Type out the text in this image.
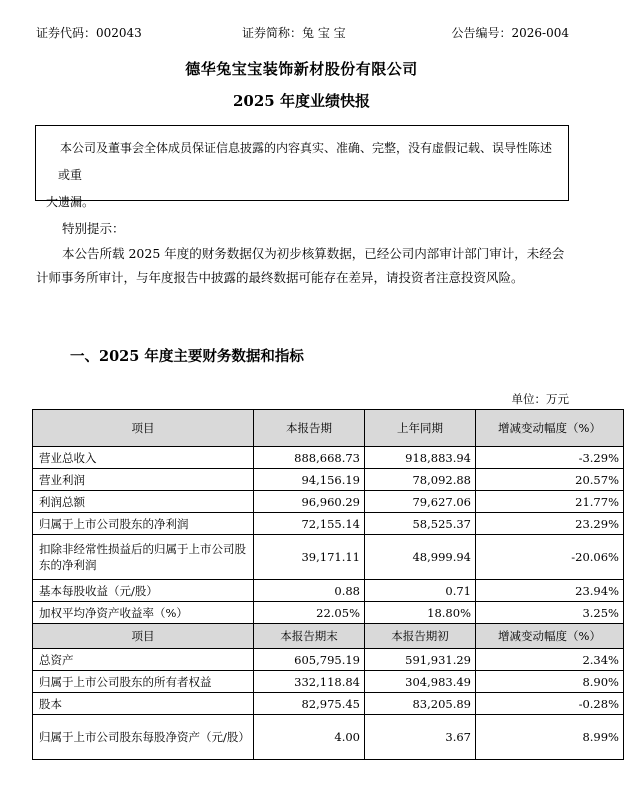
证券代码：002043	证券简称：兔 宝 宝	公告编号：2026-004
德华兔宝宝装饰新材股份有限公司
2025 年度业绩快报
本公司及董事会全体成员保证信息披露的内容真实、准确、完整，没有虚假记载、误导性陈述或重
大遗漏。
特别提示：
本公告所载 2025 年度的财务数据仅为初步核算数据，已经公司内部审计部门审计，未经会计师事务所审计，与年度报告中披露的最终数据可能存在差异，请投资者注意投资风险。
一、2025 年度主要财务数据和指标
单位：万元
项目	本报告期	上年同期	增减变动幅度（%）
营业总收入	888,668.73	918,883.94	-3.29%
营业利润	94,156.19	78,092.88	20.57%
利润总额	96,960.29	79,627.06	21.77%
归属于上市公司股东的净利润	72,155.14	58,525.37	23.29%
扣除非经常性损益后的归属于上市公司股东的净利润	39,171.11	48,999.94	-20.06%
基本每股收益（元/股）	0.88	0.71	23.94%
加权平均净资产收益率（%）	22.05%	18.80%	3.25%
项目	本报告期末	本报告期初	增减变动幅度（%）
总资产	605,795.19	591,931.29	2.34%
归属于上市公司股东的所有者权益	332,118.84	304,983.49	8.90%
股本	82,975.45	83,205.89	-0.28%
归属于上市公司股东每股净资产（元/股）	4.00	3.67	8.99%
